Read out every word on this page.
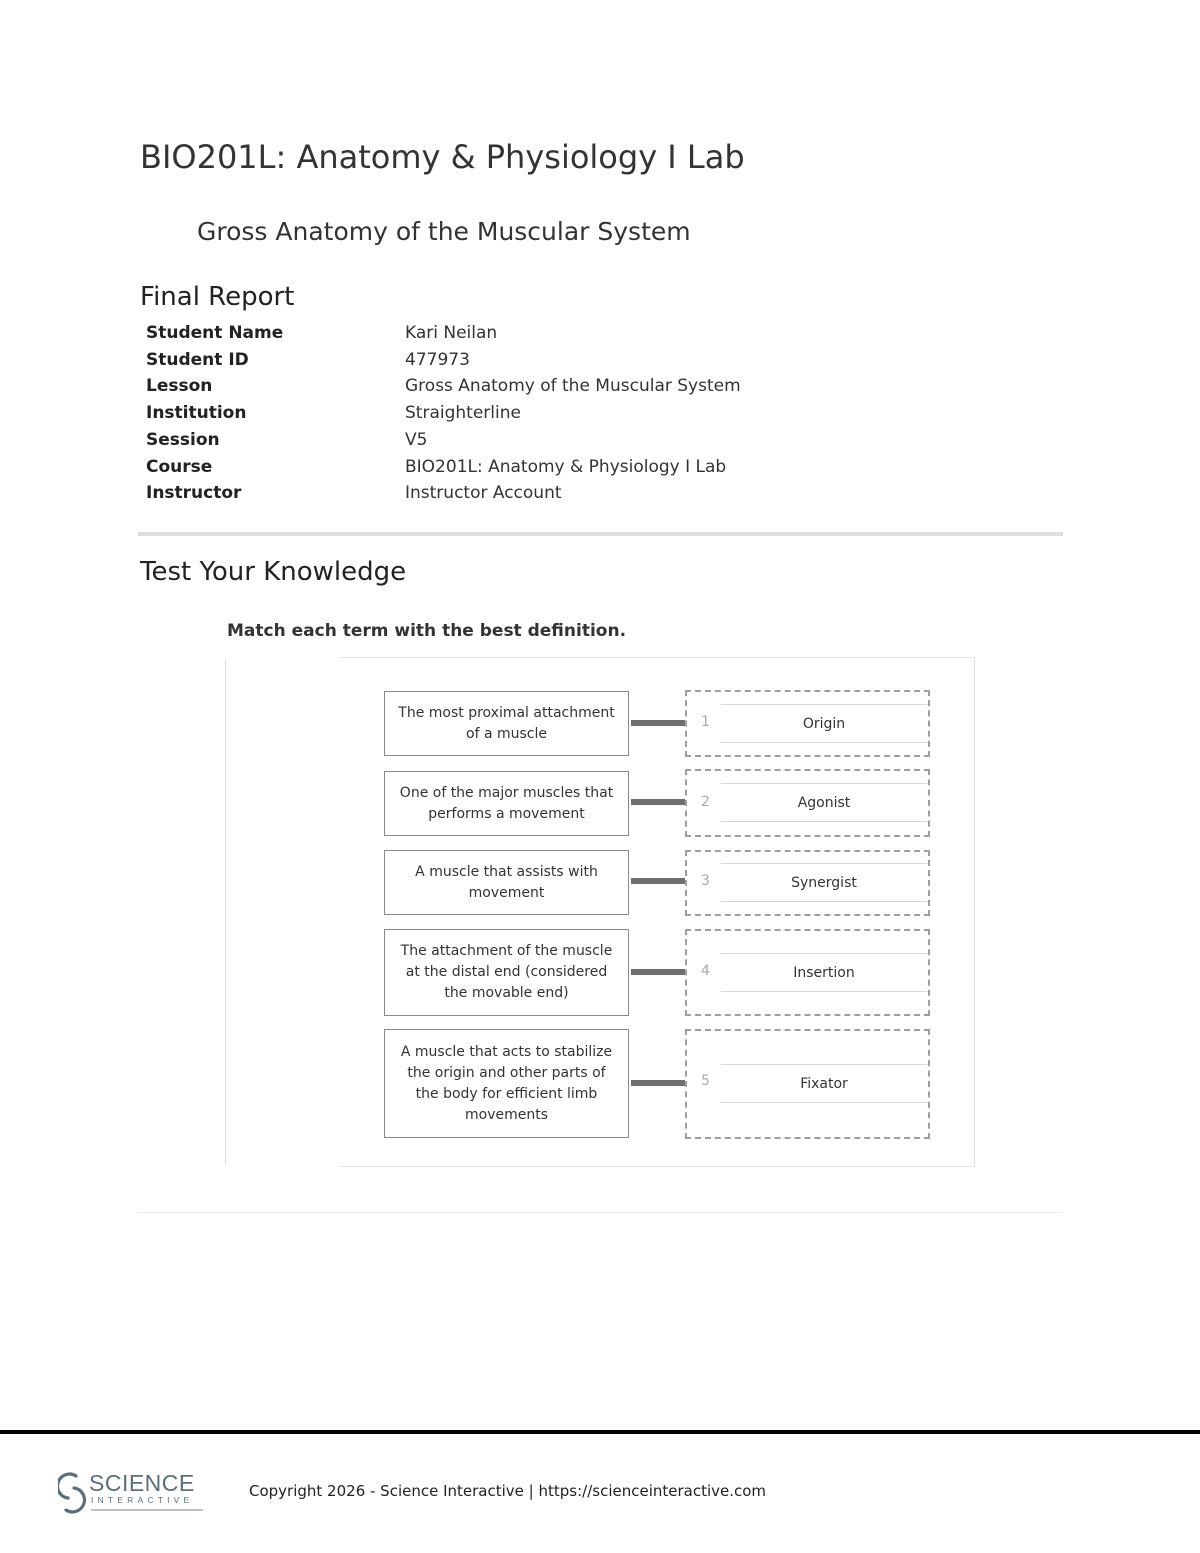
BIO201L: Anatomy & Physiology I Lab
Gross Anatomy of the Muscular System
Final Report
Student Name	Kari Neilan
Student ID	477973
Lesson	Gross Anatomy of the Muscular System
Institution	Straighterline
Session	V5
Course	BIO201L: Anatomy & Physiology I Lab
Instructor	Instructor Account
Test Your Knowledge
Match each term with the best definition.
The most proximal attachment of a muscle
1	Origin
One of the major muscles that performs a movement
2	Agonist
A muscle that assists with movement
3	Synergist
The attachment of the muscle at the distal end (considered the movable end)
4	Insertion
A muscle that acts to stabilize the origin and other parts of the body for efficient limb movements
5	Fixator
SCIENCE
INTERACTIVE	Copyright 2026 - Science Interactive | https://scienceinteractive.com
